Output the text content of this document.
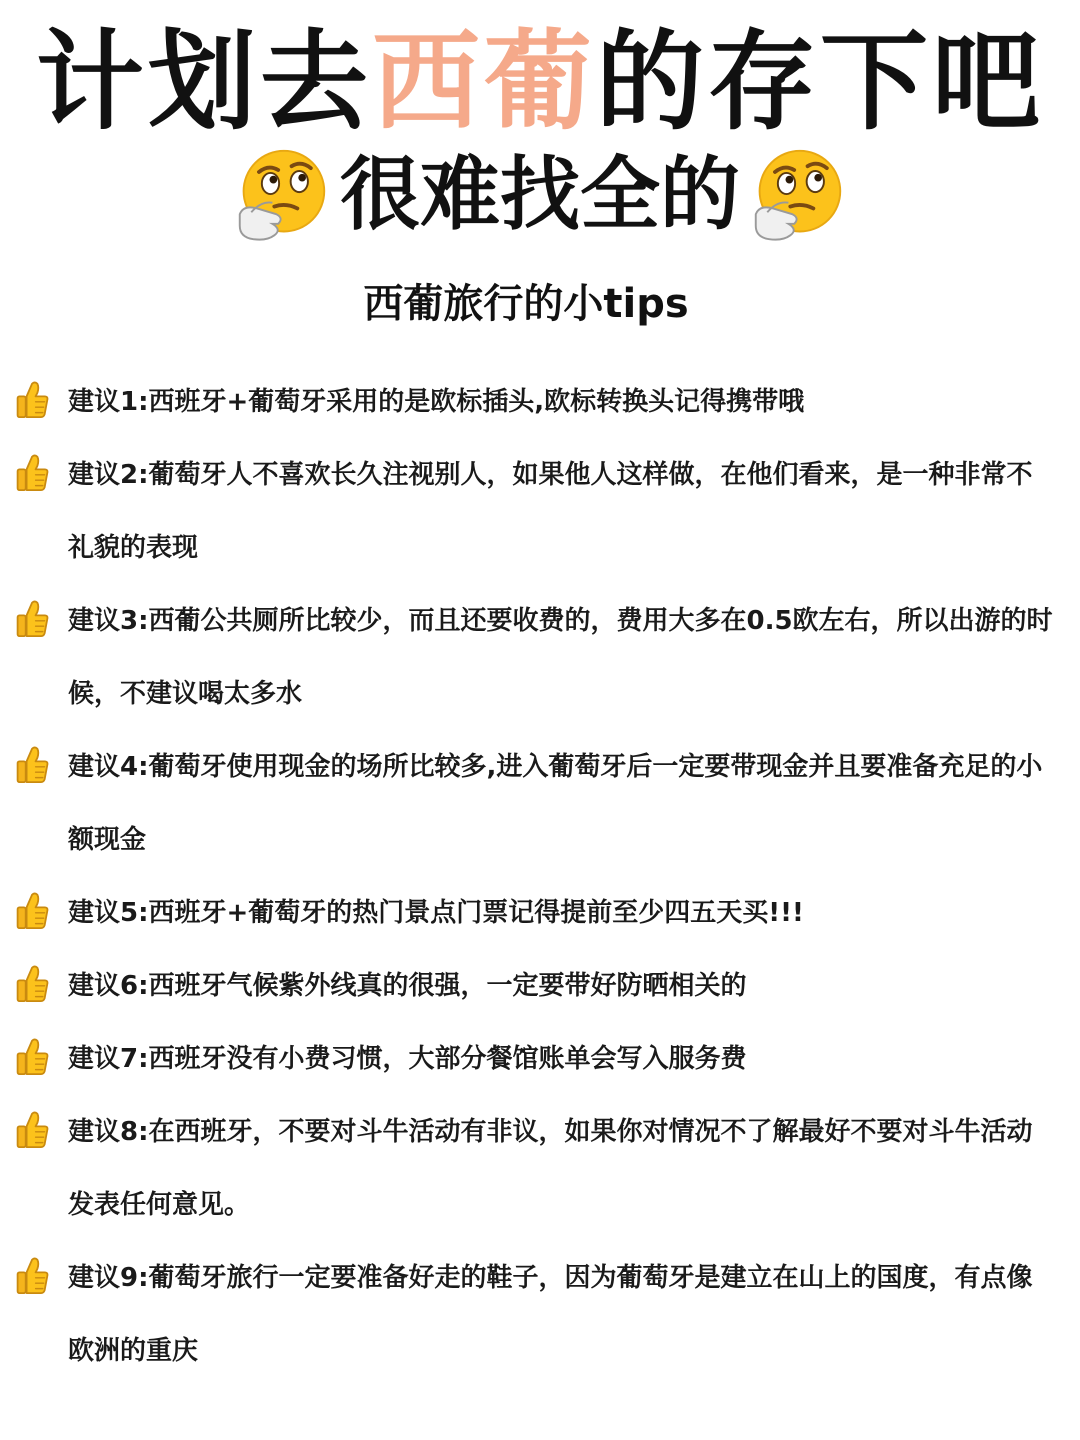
计划去西葡的存下吧
很难找全的
西葡旅行的小tips
建议1:西班牙+葡萄牙采用的是欧标插头,欧标转换头记得携带哦
建议2:葡萄牙人不喜欢长久注视别人，如果他人这样做，在他们看来，是一种非常不礼貌的表现
建议3:西葡公共厕所比较少，而且还要收费的，费用大多在0.5欧左右，所以出游的时候，不建议喝太多水
建议4:葡萄牙使用现金的场所比较多,进入葡萄牙后一定要带现金并且要准备充足的小额现金
建议5:西班牙+葡萄牙的热门景点门票记得提前至少四五天买!!!
建议6:西班牙气候紫外线真的很强，一定要带好防晒相关的
建议7:西班牙没有小费习惯，大部分餐馆账单会写入服务费
建议8:在西班牙，不要对斗牛活动有非议，如果你对情况不了解最好不要对斗牛活动发表任何意见。
建议9:葡萄牙旅行一定要准备好走的鞋子，因为葡萄牙是建立在山上的国度，有点像欧洲的重庆
